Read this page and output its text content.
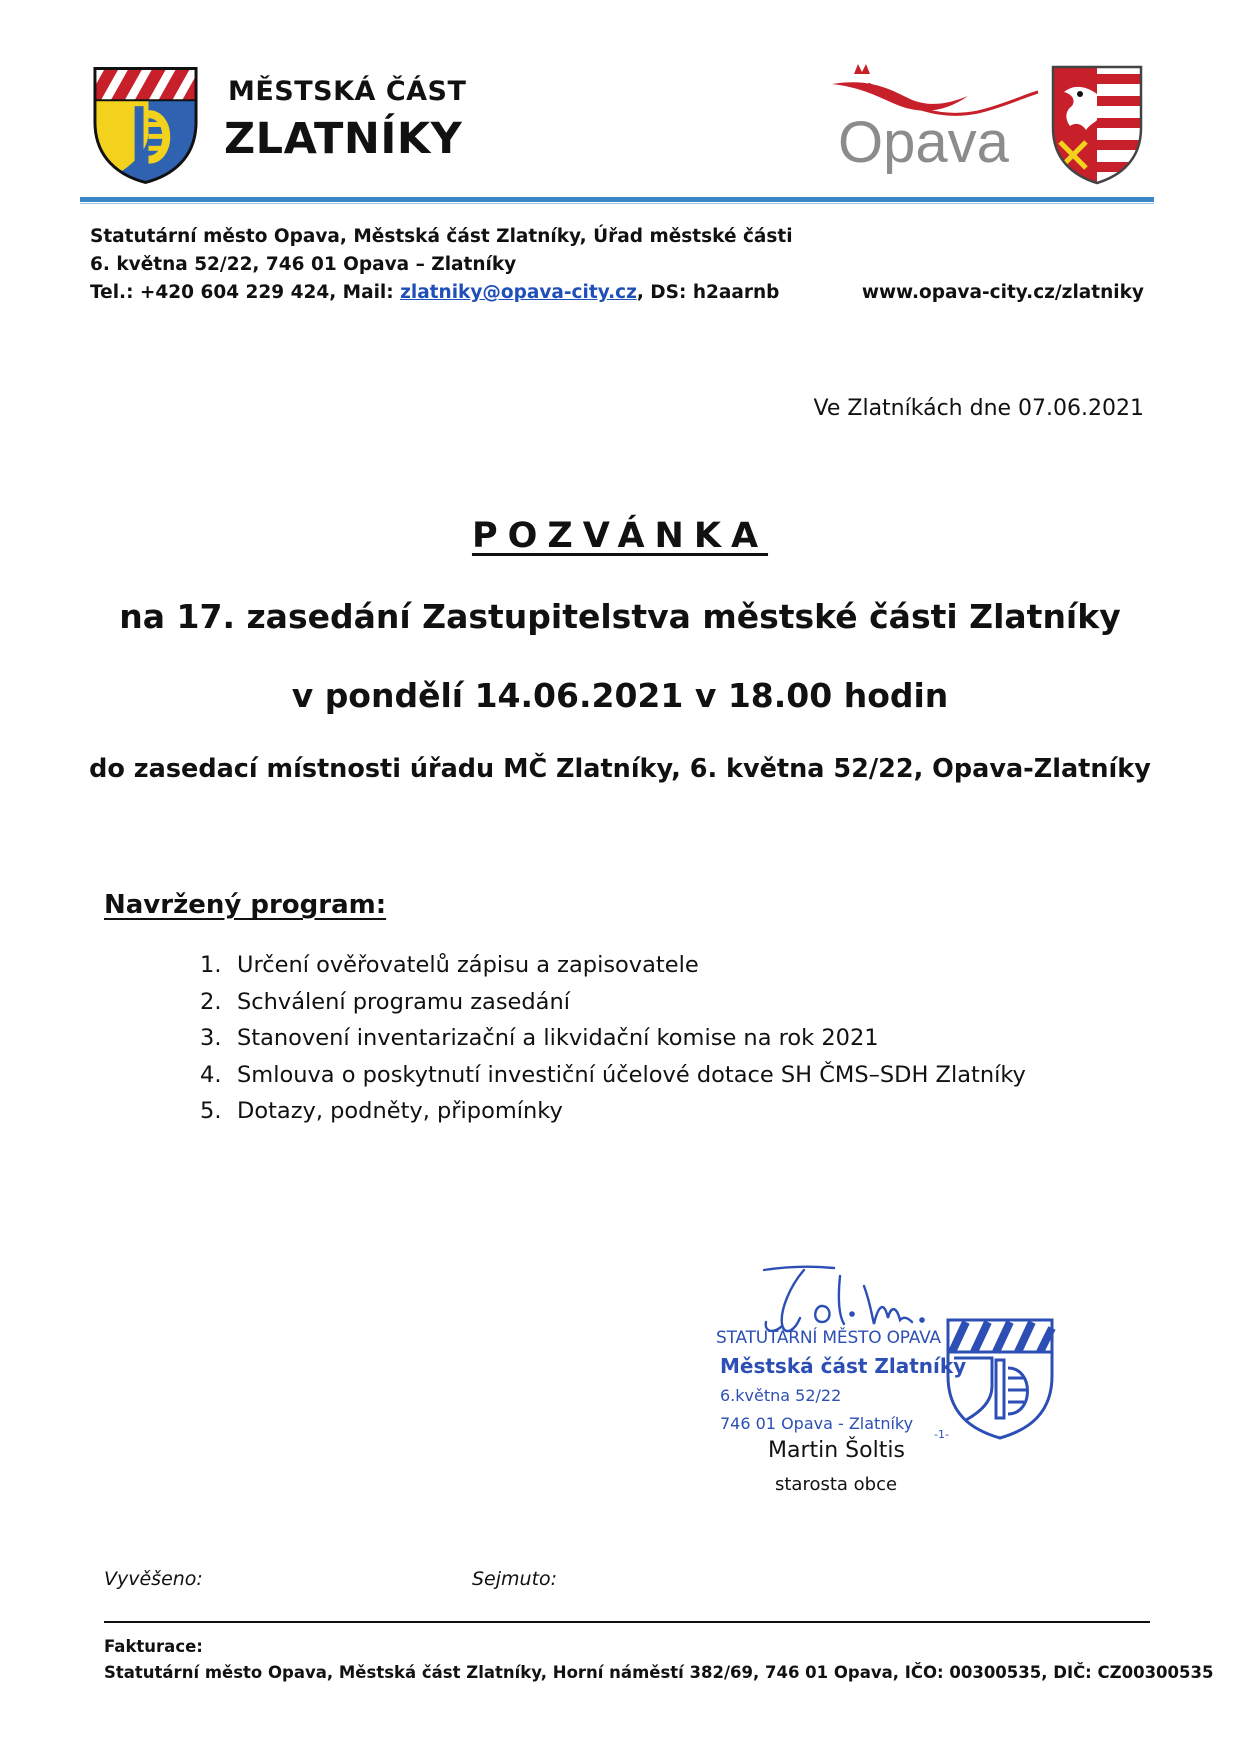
MĚSTSKÁ ČÁST
ZLATNÍKY	Opava
Statutární město Opava, Městská část Zlatníky, Úřad městské části
6. května 52/22, 746 01 Opava – Zlatníky
Tel.: +420 604 229 424, Mail: zlatniky@opava-city.cz, DS: h2aarnb	www.opava-city.cz/zlatniky
Ve Zlatníkách dne 07.06.2021
POZVÁNKA
na 17. zasedání Zastupitelstva městské části Zlatníky
v pondělí 14.06.2021 v 18.00 hodin
do zasedací místnosti úřadu MČ Zlatníky, 6. května 52/22, Opava-Zlatníky
Navržený program:
1. Určení ověřovatelů zápisu a zapisovatele
2. Schválení programu zasedání
3. Stanovení inventarizační a likvidační komise na rok 2021
4. Smlouva o poskytnutí investiční účelové dotace SH ČMS–SDH Zlatníky
5. Dotazy, podněty, připomínky
STATUTÁRNÍ MĚSTO OPAVA
Městská část Zlatníky
6.května 52/22
746 01 Opava - Zlatníky
-1-
Martin Šoltis
starosta obce
Vyvěšeno:	Sejmuto:
Fakturace:
Statutární město Opava, Městská část Zlatníky, Horní náměstí 382/69, 746 01 Opava, IČO: 00300535, DIČ: CZ00300535
